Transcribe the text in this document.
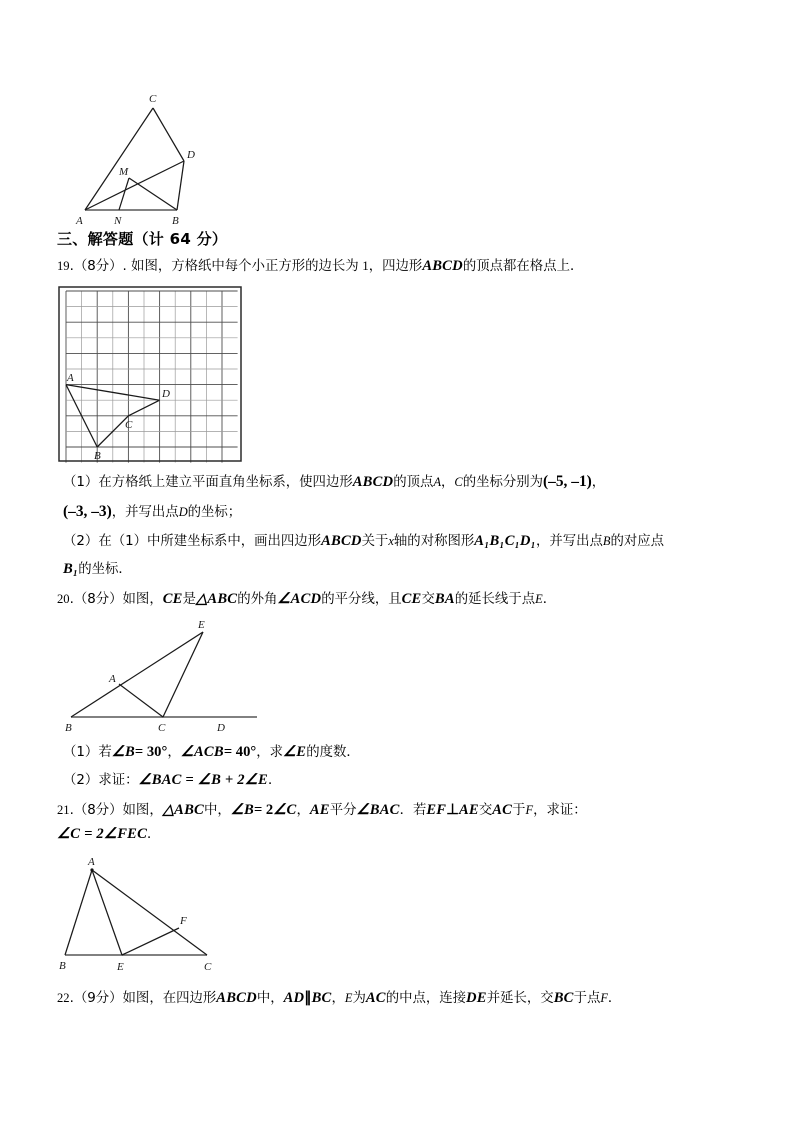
C
M
D
A	N	B
三、解答题（计 64 分）

19.（8分）. 如图，方格纸中每个小正方形的边长为 1，四边形ABCD的顶点都在格点上．

A
B
C
D

（1）在方格纸上建立平面直角坐标系，使四边形ABCD的顶点A，C的坐标分别为(–5, –1)，

(–3, –3)，并写出点D的坐标；

（2）在（1）中所建坐标系中，画出四边形ABCD关于x轴的对称图形A₁B₁C₁D₁，并写出点B的对应点

B₁的坐标．

20.（8分）如图，CE是△ABC的外角∠ACD的平分线，且CE交BA的延长线于点E．

E
A
B	C	D

（1）若∠B= 30°，∠ACB= 40°，求∠E的度数．

（2）求证：∠BAC = ∠B + 2∠E．

21.（8分）如图，△ABC中，∠B= 2∠C，AE平分∠BAC．若EF⊥AE交AC于F，求证：

∠C = 2∠FEC．

A
F
B	E	C

22.（9分）如图，在四边形ABCD中，AD∥BC，E为AC的中点，连接DE并延长，交BC于点F．
